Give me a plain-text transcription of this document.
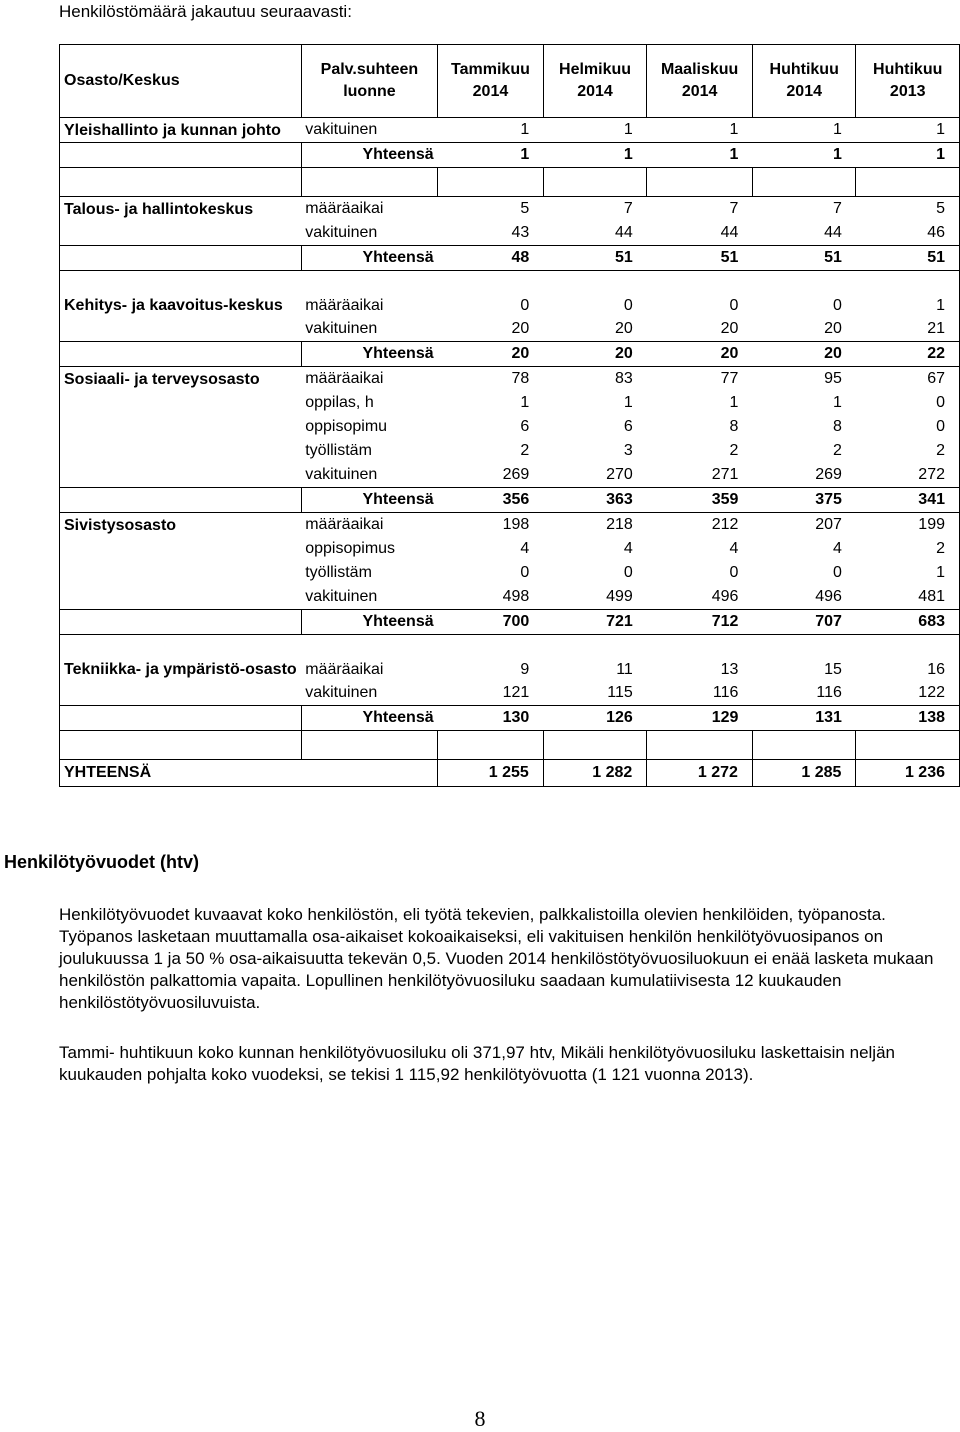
Henkilöstömäärä jakautuu seuraavasti:
Osasto/Keskus	Palv.suhteen luonne	Tammikuu 2014	Helmikuu 2014	Maaliskuu 2014	Huhtikuu 2014	Huhtikuu 2013
Yleishallinto ja kunnan johto	vakituinen	1	1	1	1	1
	Yhteensä	1	1	1	1	1

Talous- ja hallintokeskus	määräaikai	5	7	7	7	5
	vakituinen	43	44	44	44	46
	Yhteensä	48	51	51	51	51
Kehitys- ja kaavoitus-keskus	määräaikai	0	0	0	0	1
	vakituinen	20	20	20	20	21
	Yhteensä	20	20	20	20	22
Sosiaali- ja terveysosasto	määräaikai	78	83	77	95	67
	oppilas, h	1	1	1	1	0
	oppisopimu	6	6	8	8	0
	työllistäm	2	3	2	2	2
	vakituinen	269	270	271	269	272
	Yhteensä	356	363	359	375	341
Sivistysosasto	määräaikai	198	218	212	207	199
	oppisopimus	4	4	4	4	2
	työllistäm	0	0	0	0	1
	vakituinen	498	499	496	496	481
	Yhteensä	700	721	712	707	683
Tekniikka- ja ympäristö-osasto	määräaikai	9	11	13	15	16
	vakituinen	121	115	116	116	122
	Yhteensä	130	126	129	131	138

YHTEENSÄ		1 255	1 282	1 272	1 285	1 236
Henkilötyövuodet (htv)
Henkilötyövuodet kuvaavat koko henkilöstön, eli työtä tekevien, palkkalistoilla olevien henkilöiden, työpanosta. Työpanos lasketaan muuttamalla osa-aikaiset kokoaikaiseksi, eli vakituisen henkilön henkilötyövuosipanos on joulukuussa 1 ja 50 % osa-aikaisuutta tekevän 0,5. Vuoden 2014 henkilöstötyövuosiluokuun ei enää lasketa mukaan henkilöstön palkattomia vapaita. Lopullinen henkilötyövuosiluku saadaan kumulatiivisesta 12 kuukauden henkilöstötyövuosiluvuista.
Tammi- huhtikuun koko kunnan henkilötyövuosiluku oli 371,97 htv, Mikäli henkilötyövuosiluku laskettaisin neljän kuukauden pohjalta koko vuodeksi, se tekisi 1 115,92 henkilötyövuotta (1 121 vuonna 2013).
8
